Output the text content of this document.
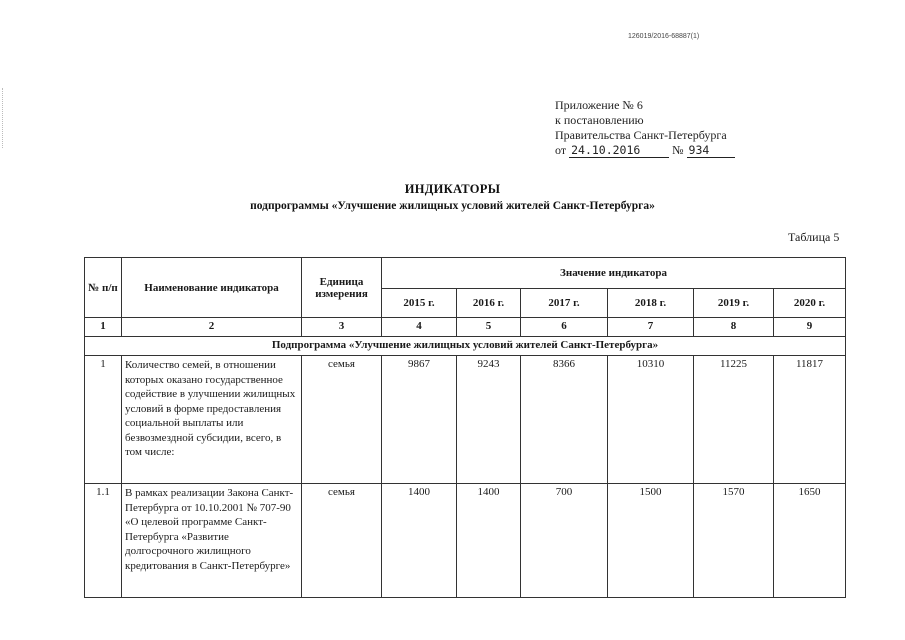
126019/2016-68887(1)
Приложение № 6
к постановлению
Правительства Санкт-Петербурга
от 24.10.2016	№ 934
ИНДИКАТОРЫ
подпрограммы «Улучшение жилищных условий жителей Санкт-Петербурга»
Таблица 5
№ п/п	Наименование индикатора	Единица измерения	Значение индикатора					
			2015 г.	2016 г.	2017 г.	2018 г.	2019 г.	2020 г.
1	2	3	4	5	6	7	8	9
Подпрограмма «Улучшение жилищных условий жителей Санкт-Петербурга»								
1	Количество семей, в отношении которых оказано государственное содействие в улучшении жилищных условий в форме предоставления социальной выплаты или безвозмездной субсидии, всего, в том числе:	семья	9867	9243	8366	10310	11225	11817
1.1	В рамках реализации Закона Санкт-Петербурга от 10.10.2001 № 707-90 «О целевой программе Санкт-Петербурга «Развитие долгосрочного жилищного кредитования в Санкт-Петербурге»	семья	1400	1400	700	1500	1570	1650
